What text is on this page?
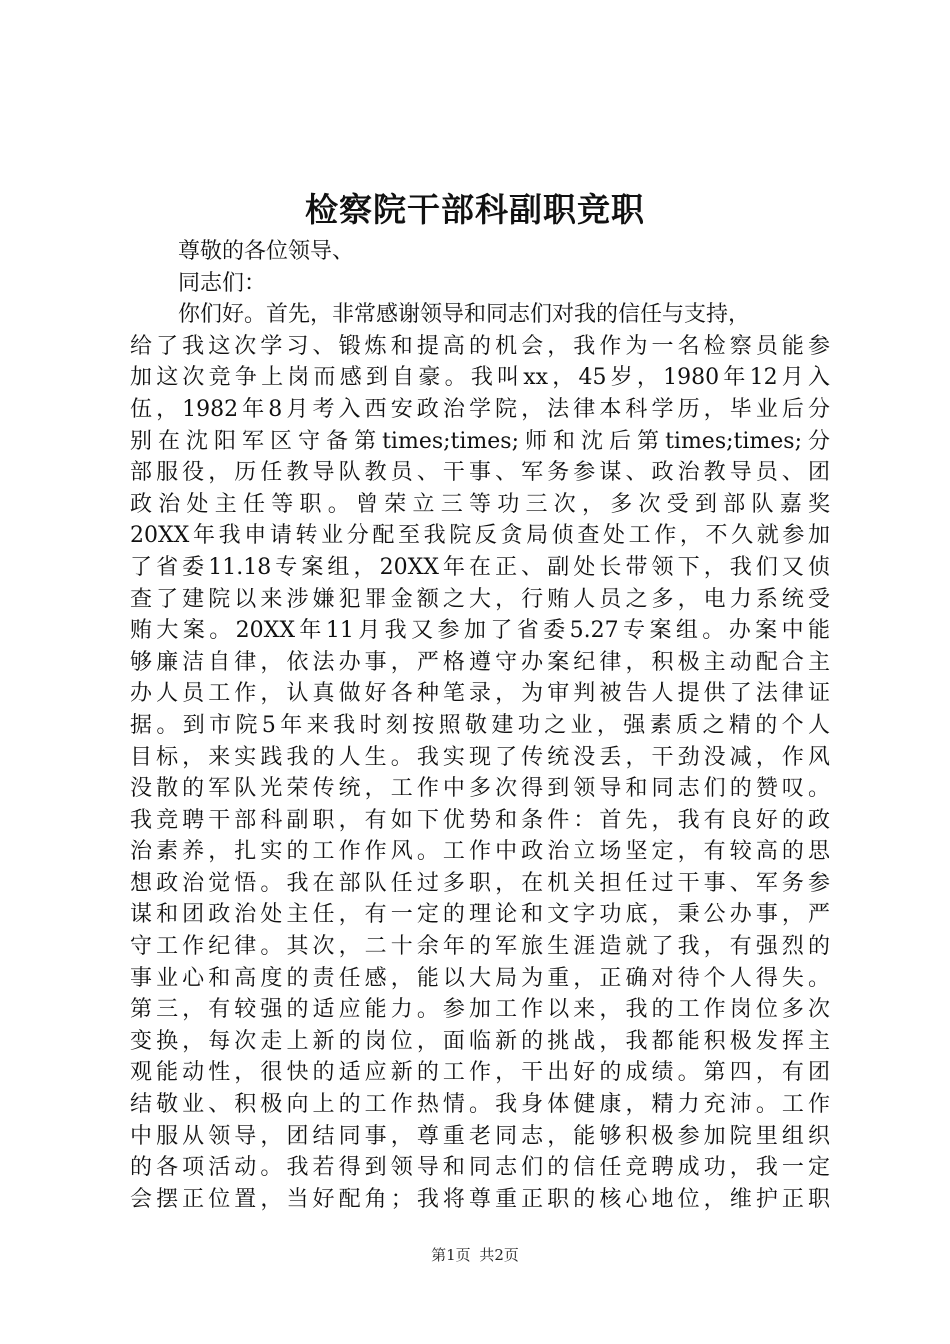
检察院干部科副职竞职
尊敬的各位领导、
同志们：
你们好。首先，非常感谢领导和同志们对我的信任与支持，
给了我这次学习、锻炼和提高的机会，我作为一名检察员能参
加这次竞争上岗而感到自豪。我叫xx，45岁，1980年12月入
伍，1982年8月考入西安政治学院，法律本科学历，毕业后分
别在沈阳军区守备第times;times;师和沈后第times;times;分
部服役，历任教导队教员、干事、军务参谋、政治教导员、团
政治处主任等职。曾荣立三等功三次，多次受到部队嘉奖
20XX年我申请转业分配至我院反贪局侦查处工作，不久就参加
了省委11.18专案组，20XX年在正、副处长带领下，我们又侦
查了建院以来涉嫌犯罪金额之大，行贿人员之多，电力系统受
贿大案。20XX年11月我又参加了省委5.27专案组。办案中能
够廉洁自律，依法办事，严格遵守办案纪律，积极主动配合主
办人员工作，认真做好各种笔录，为审判被告人提供了法律证
据。到市院5年来我时刻按照敬建功之业，强素质之精的个人
目标，来实践我的人生。我实现了传统没丢，干劲没减，作风
没散的军队光荣传统，工作中多次得到领导和同志们的赞叹。
我竞聘干部科副职，有如下优势和条件：首先，我有良好的政
治素养，扎实的工作作风。工作中政治立场坚定，有较高的思
想政治觉悟。我在部队任过多职，在机关担任过干事、军务参
谋和团政治处主任，有一定的理论和文字功底，秉公办事，严
守工作纪律。其次，二十余年的军旅生涯造就了我，有强烈的
事业心和高度的责任感，能以大局为重，正确对待个人得失。
第三，有较强的适应能力。参加工作以来，我的工作岗位多次
变换，每次走上新的岗位，面临新的挑战，我都能积极发挥主
观能动性，很快的适应新的工作，干出好的成绩。第四，有团
结敬业、积极向上的工作热情。我身体健康，精力充沛。工作
中服从领导，团结同事，尊重老同志，能够积极参加院里组织
的各项活动。我若得到领导和同志们的信任竞聘成功，我一定
会摆正位置，当好配角；我将尊重正职的核心地位，维护正职
第1页 共2页
